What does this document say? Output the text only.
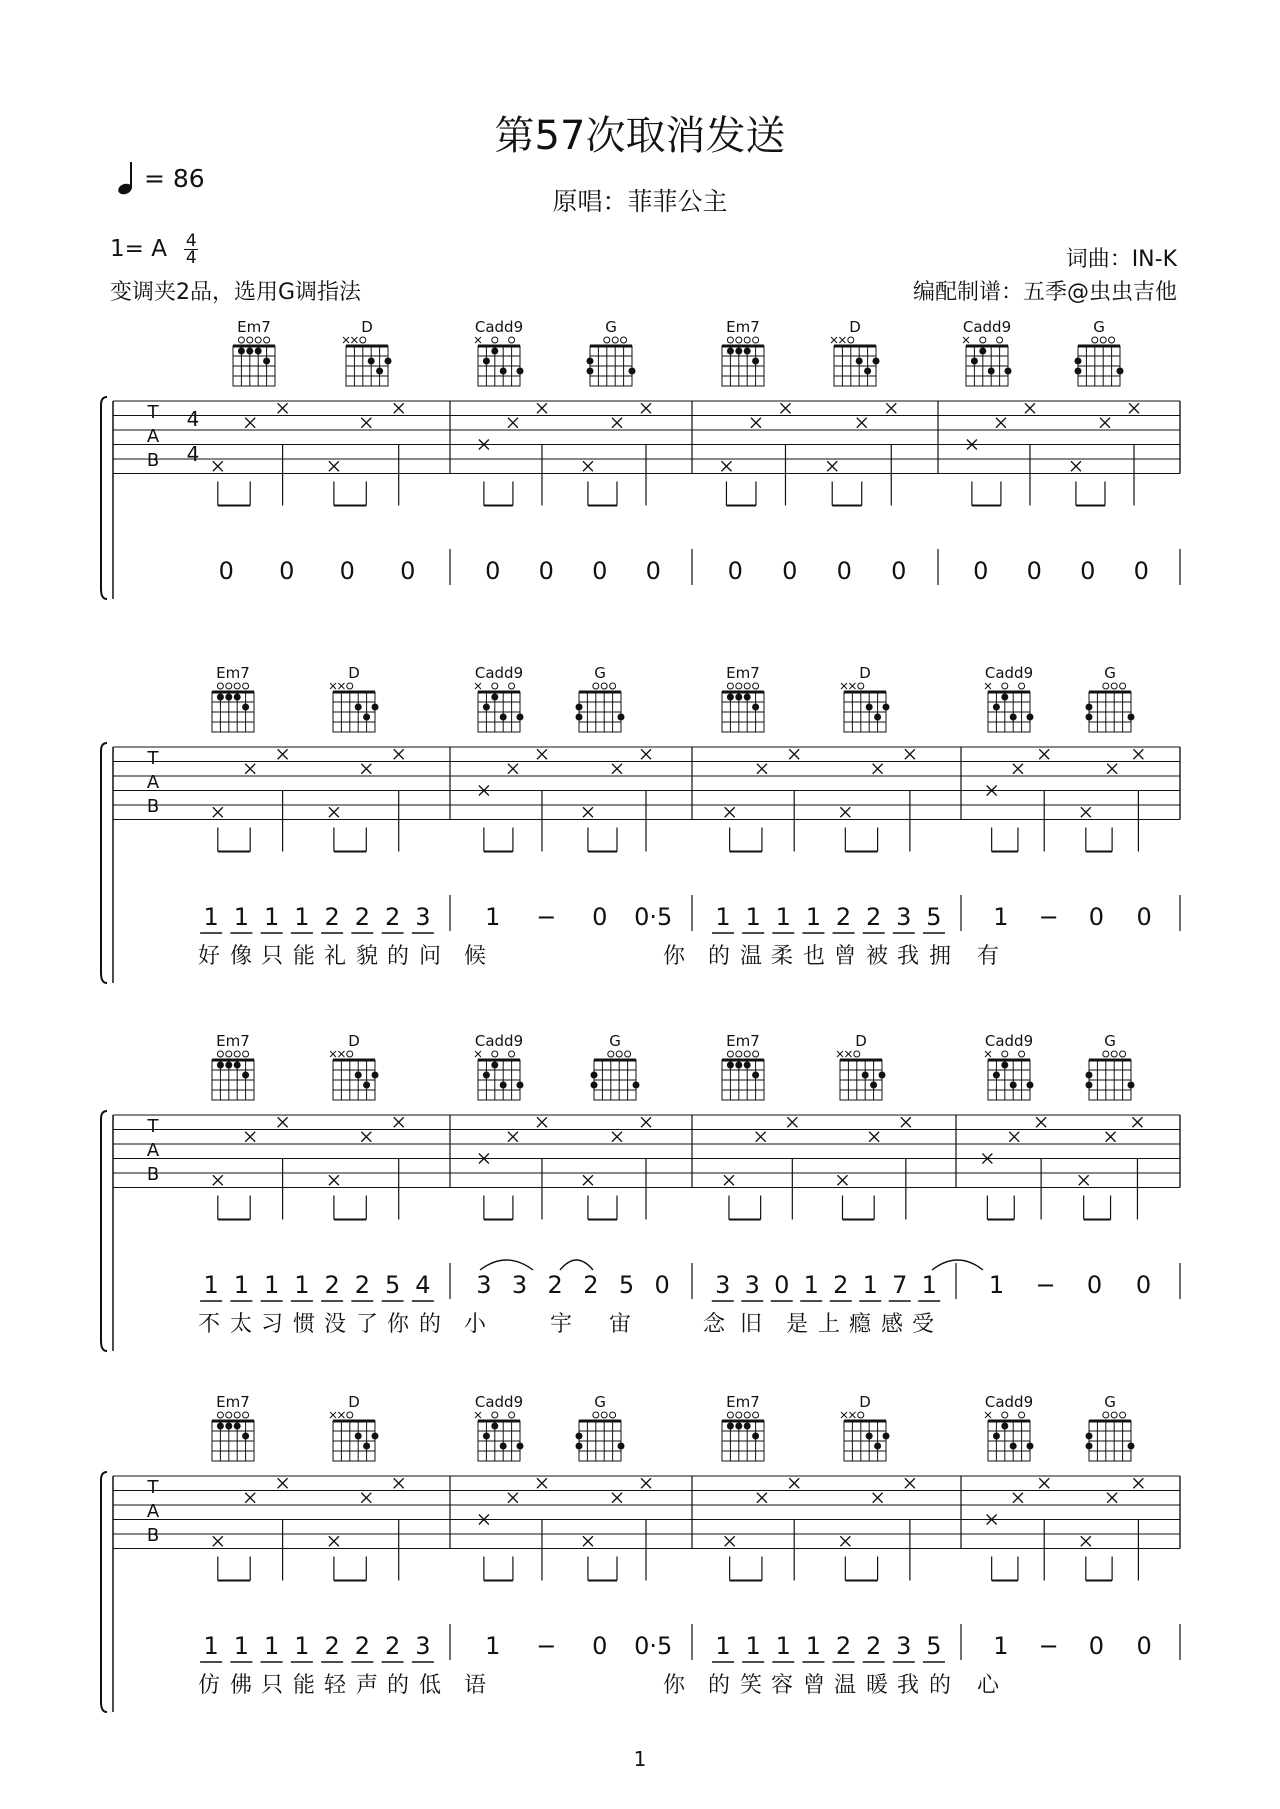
第57次取消发送
原唱：菲菲公主
= 86
1= A $\frac{4}{4}$
变调夹2品，选用G调指法
词曲：IN-K
编配制谱：五季@虫虫吉他
T
A
B
4
4
0 0 0 0	0 0 0 0	0 0 0 0	0 0 0 0
Em7	D	Cadd9	G	Em7	D	Cadd9	G
T
A
B
1 1 1 1 2 2 2 3 1 − 0 0·5 1 1 1 1 2 2 3 5 1 − 0 0
好 像 只 能 礼 貌 的 问 候	你 的 温 柔 也 曾 被 我 拥 有
Em7	D	Cadd9	G	Em7	D	Cadd9	G
T
A
B
1 1 1 1 2 2 5 4 3 3 2 2 5 0 3 3 0 1 2 1 7 1 1 − 0 0
不 太 习 惯 没 了 你 的 小	宇 宙	念 旧 是 上 瘾 感 受
Em7	D	Cadd9	G	Em7	D	Cadd9	G
T
A
B
1 1 1 1 2 2 2 3 1 − 0 0·5 1 1 1 1 2 2 3 5 1 − 0 0
仿 佛 只 能 轻 声 的 低 语	你 的 笑 容 曾 温 暖 我 的 心
Em7	D	Cadd9	G	Em7	D	Cadd9	G
1
